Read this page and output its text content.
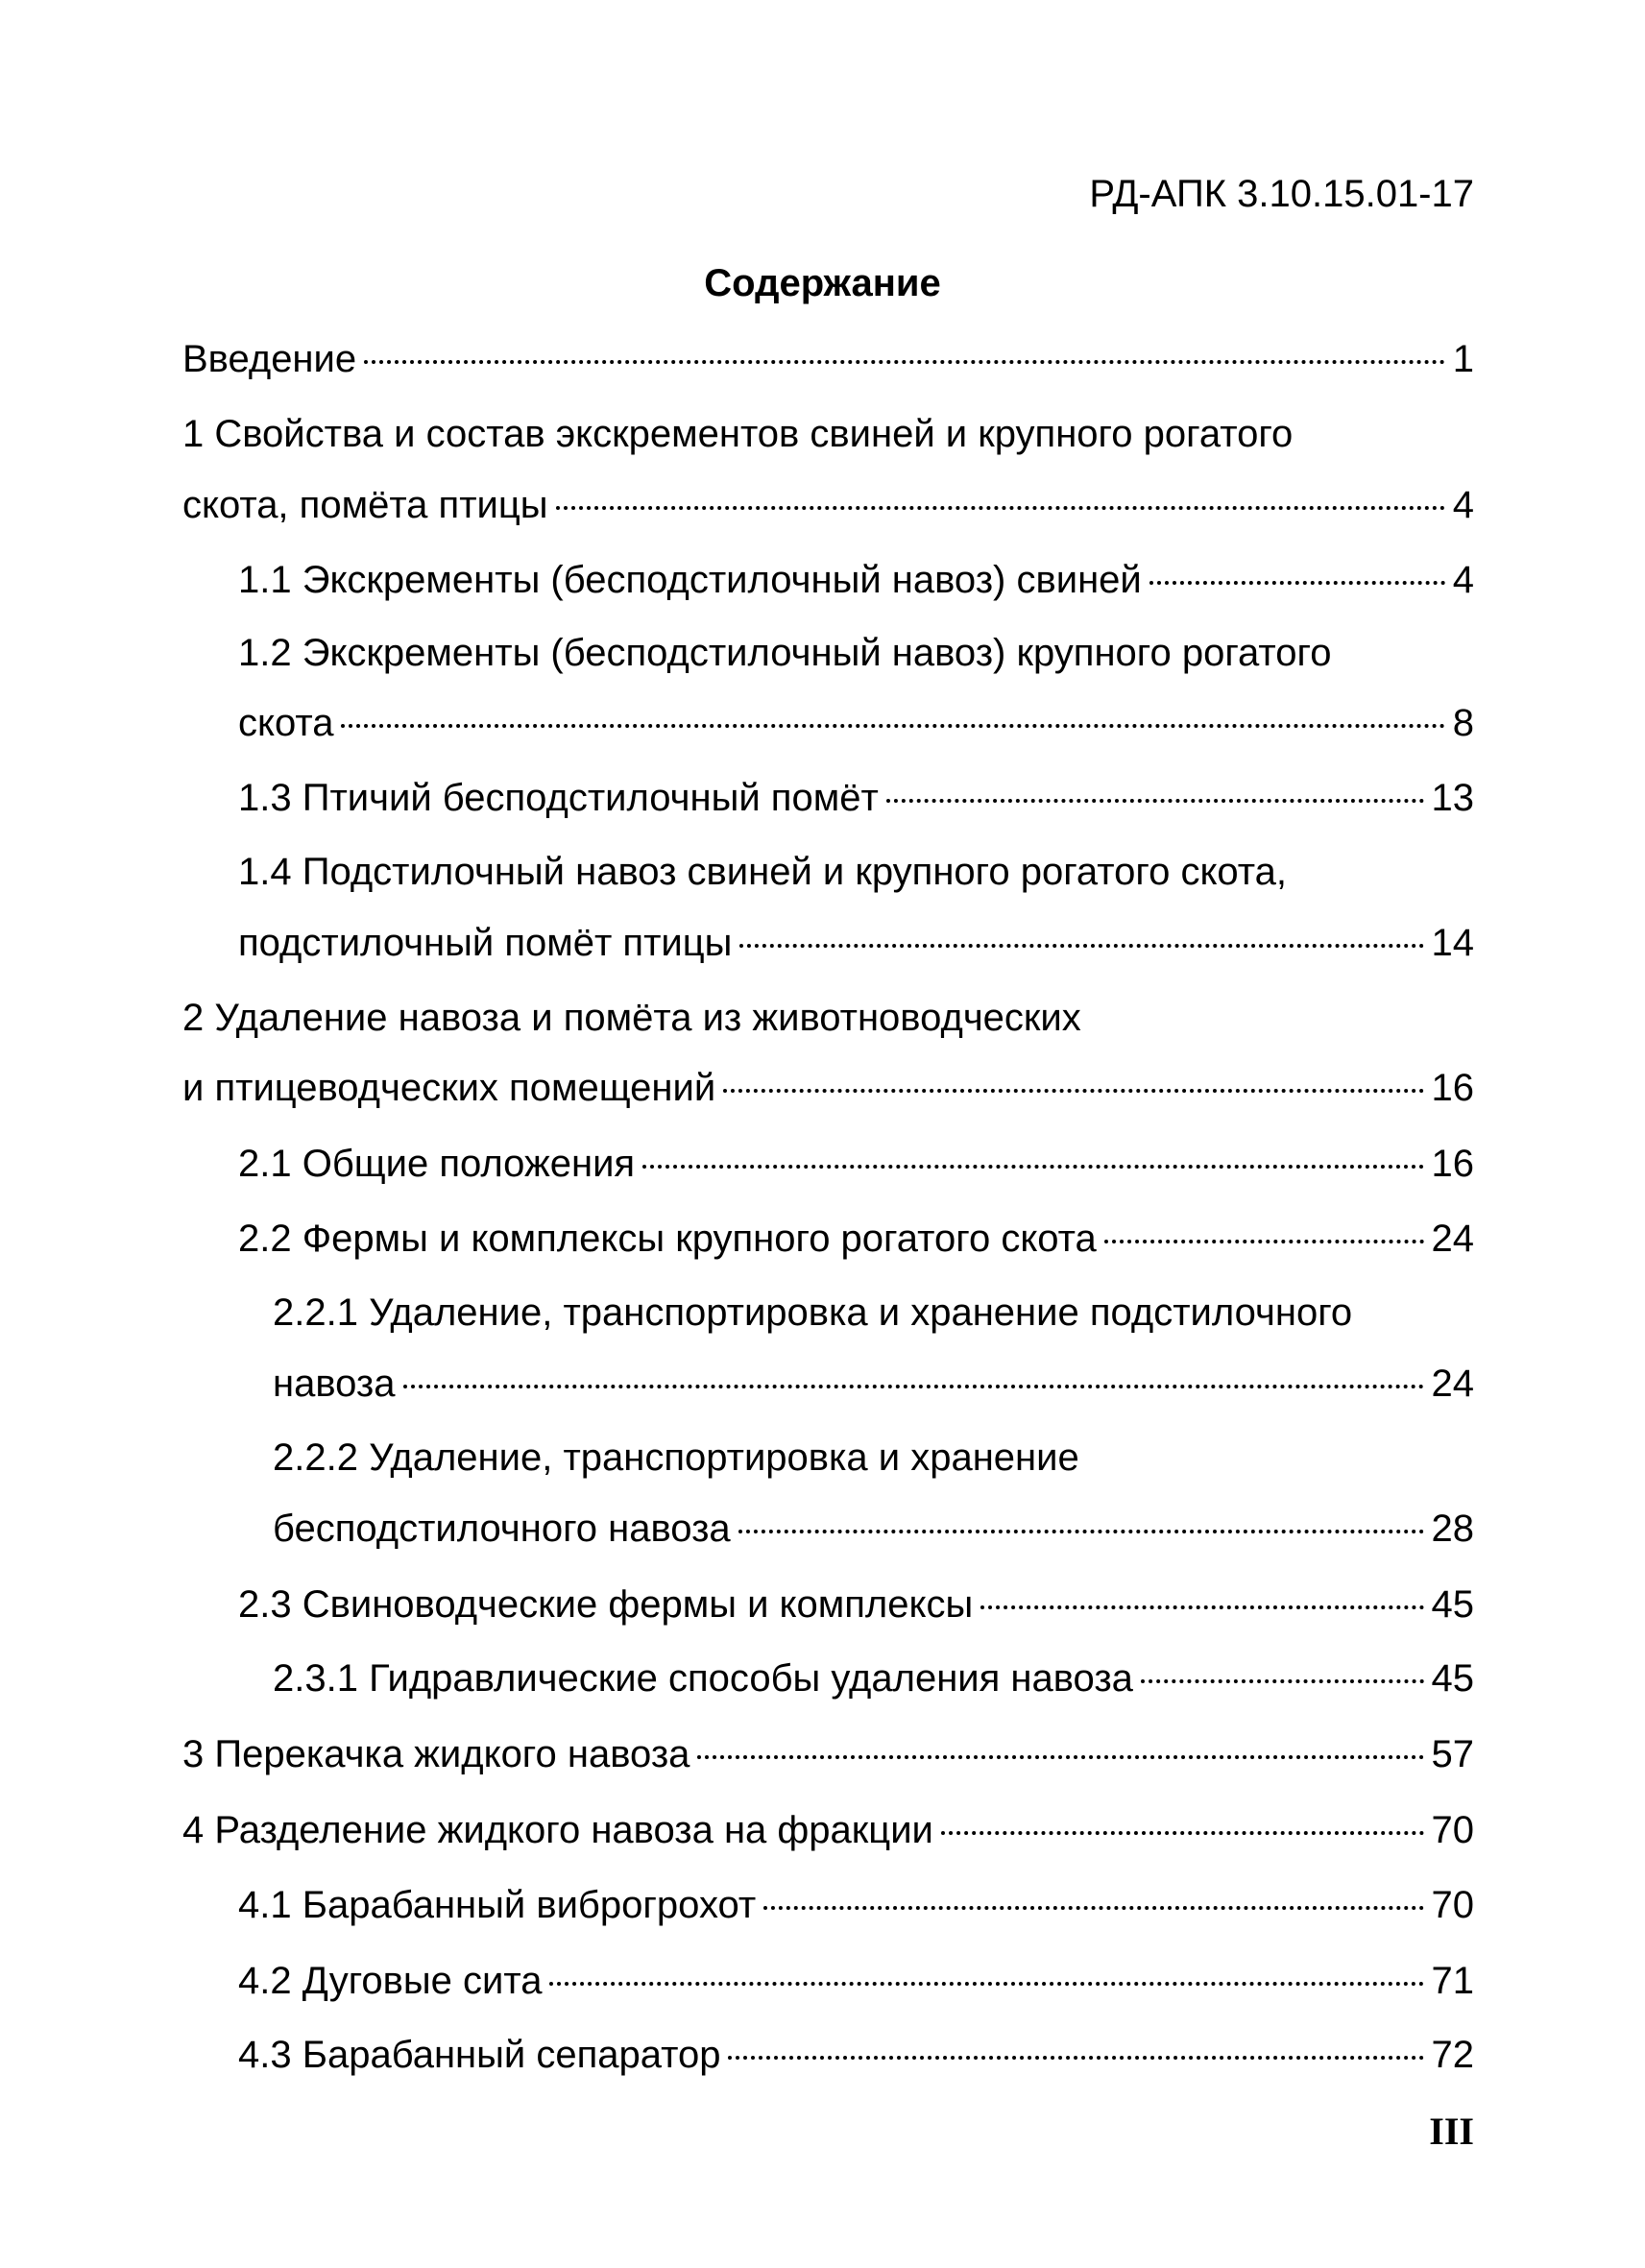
РД-АПК 3.10.15.01-17
Содержание
Введение	1
1 Свойства и состав экскрементов свиней и крупного рогатого
скота, помёта птицы	4
1.1 Экскременты (бесподстилочный навоз) свиней	4
1.2 Экскременты (бесподстилочный навоз) крупного рогатого
скота	8
1.3 Птичий бесподстилочный помёт	13
1.4 Подстилочный навоз свиней и крупного рогатого скота,
подстилочный помёт птицы	14
2 Удаление навоза и помёта из животноводческих
и птицеводческих помещений	16
2.1 Общие положения	16
2.2 Фермы и комплексы крупного рогатого скота	24
2.2.1 Удаление, транспортировка и хранение подстилочного
навоза	24
2.2.2 Удаление, транспортировка и хранение
бесподстилочного навоза	28
2.3 Свиноводческие фермы и комплексы	45
2.3.1 Гидравлические способы удаления навоза	45
3 Перекачка жидкого навоза	57
4 Разделение жидкого навоза на фракции	70
4.1 Барабанный виброгрохот	70
4.2 Дуговые сита	71
4.3 Барабанный сепаратор	72
III
